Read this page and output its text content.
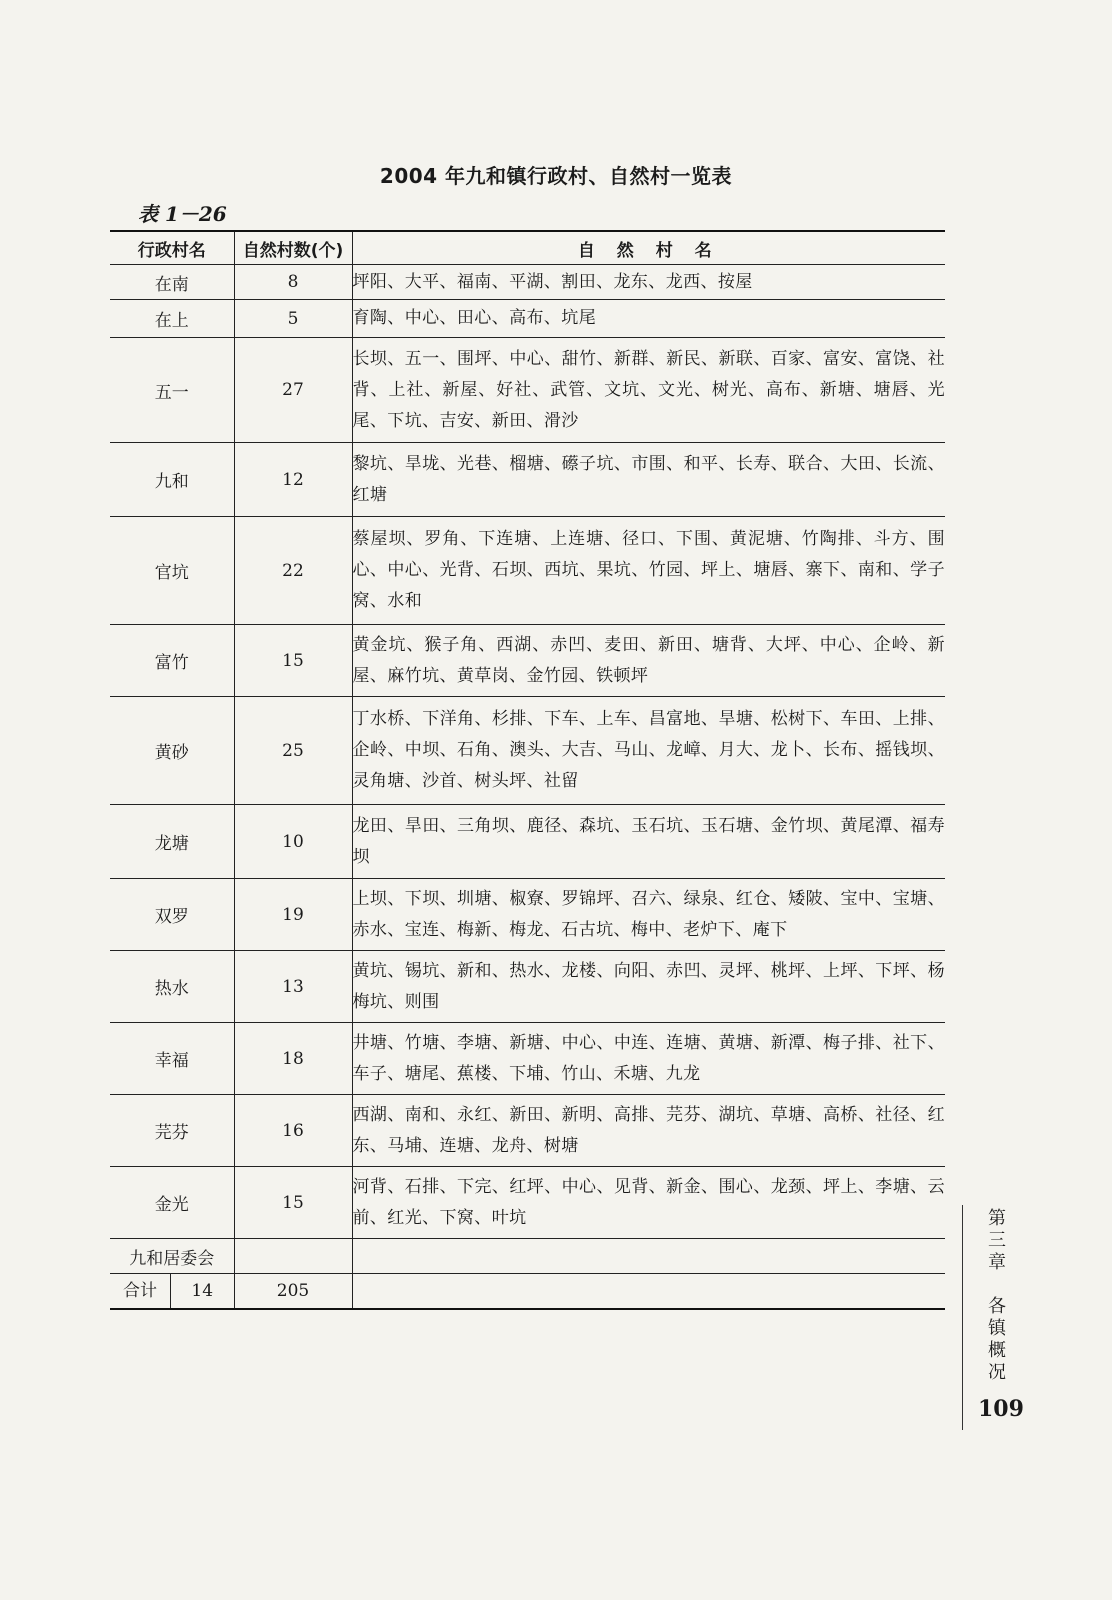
2004 年九和镇行政村、自然村一览表
表 1－26
行政村名	自然村数(个)	自 然 村 名
在南	8	坪阳、大平、福南、平湖、割田、龙东、龙西、按屋
在上	5	育陶、中心、田心、高布、坑尾
五一	27	长坝、五一、围坪、中心、甜竹、新群、新民、新联、百家、富安、富饶、社背、上社、新屋、好社、武管、文坑、文光、树光、高布、新塘、塘唇、光尾、下坑、吉安、新田、滑沙
九和	12	黎坑、旱垅、光巷、榴塘、礤子坑、市围、和平、长寿、联合、大田、长流、红塘
官坑	22	蔡屋坝、罗角、下连塘、上连塘、径口、下围、黄泥塘、竹陶排、斗方、围心、中心、光背、石坝、西坑、果坑、竹园、坪上、塘唇、寨下、南和、学子窝、水和
富竹	15	黄金坑、猴子角、西湖、赤凹、麦田、新田、塘背、大坪、中心、企岭、新屋、麻竹坑、黄草岗、金竹园、铁顿坪
黄砂	25	丁水桥、下洋角、杉排、下车、上车、昌富地、旱塘、松树下、车田、上排、企岭、中坝、石角、澳头、大吉、马山、龙嶂、月大、龙卜、长布、摇钱坝、灵角塘、沙首、树头坪、社留
龙塘	10	龙田、旱田、三角坝、鹿径、森坑、玉石坑、玉石塘、金竹坝、黄尾潭、福寿坝
双罗	19	上坝、下坝、圳塘、椒寮、罗锦坪、召六、绿泉、红仓、矮陂、宝中、宝塘、赤水、宝连、梅新、梅龙、石古坑、梅中、老炉下、庵下
热水	13	黄坑、锡坑、新和、热水、龙楼、向阳、赤凹、灵坪、桃坪、上坪、下坪、杨梅坑、则围
幸福	18	井塘、竹塘、李塘、新塘、中心、中连、连塘、黄塘、新潭、梅子排、社下、车子、塘尾、蕉楼、下埔、竹山、禾塘、九龙
芫芬	16	西湖、南和、永红、新田、新明、高排、芫芬、湖坑、草塘、高桥、社径、红东、马埔、连塘、龙舟、树塘
金光	15	河背、石排、下完、红坪、中心、见背、新金、围心、龙颈、坪上、李塘、云前、红光、下窝、叶坑
九和居委会		

合计 14	205	
第
三
章
各
镇
概
况
109
